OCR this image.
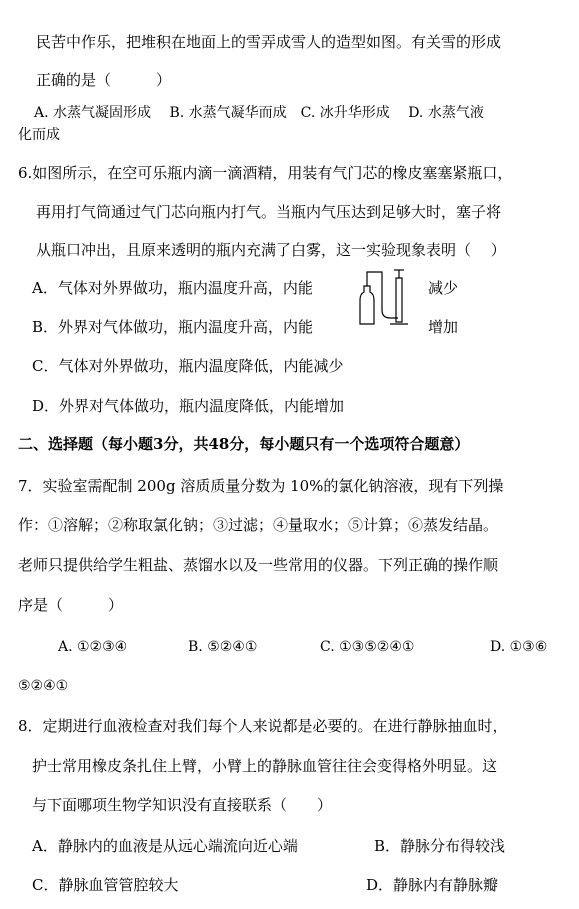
民苦中作乐，把堆积在地面上的雪弄成雪人的造型如图。有关雪的形成
正确的是（　　　）
A. 水蒸气凝固形成　 B. 水蒸气凝华而成　C. 冰升华形成　 D. 水蒸气液
化而成
6.如图所示，在空可乐瓶内滴一滴酒精，用装有气门芯的橡皮塞塞紧瓶口，
再用打气筒通过气门芯向瓶内打气。当瓶内气压达到足够大时，塞子将
从瓶口冲出，且原来透明的瓶内充满了白雾，这一实验现象表明（　 ）
A．气体对外界做功，瓶内温度升高，内能	减少
B．外界对气体做功，瓶内温度升高，内能	增加
C．气体对外界做功，瓶内温度降低，内能减少
D．外界对气体做功，瓶内温度降低，内能增加
二、选择题（每小题3分，共48分，每小题只有一个选项符合题意）
7．实验室需配制 200g 溶质质量分数为 10%的氯化钠溶液，现有下列操
作：①溶解；②称取氯化钠；③过滤；④量取水；⑤计算；⑥蒸发结晶。
老师只提供给学生粗盐、蒸馏水以及一些常用的仪器。下列正确的操作顺
序是（　　　）
A. ①②③④	B. ⑤②④①	C. ①③⑤②④①	D. ①③⑥
⑤②④①
8．定期进行血液检查对我们每个人来说都是必要的。在进行静脉抽血时，
护士常用橡皮条扎住上臂，小臂上的静脉血管往往会变得格外明显。这
与下面哪项生物学知识没有直接联系（　　）
A．静脉内的血液是从远心端流向近心端	B．静脉分布得较浅
C．静脉血管管腔较大	D．静脉内有静脉瓣
